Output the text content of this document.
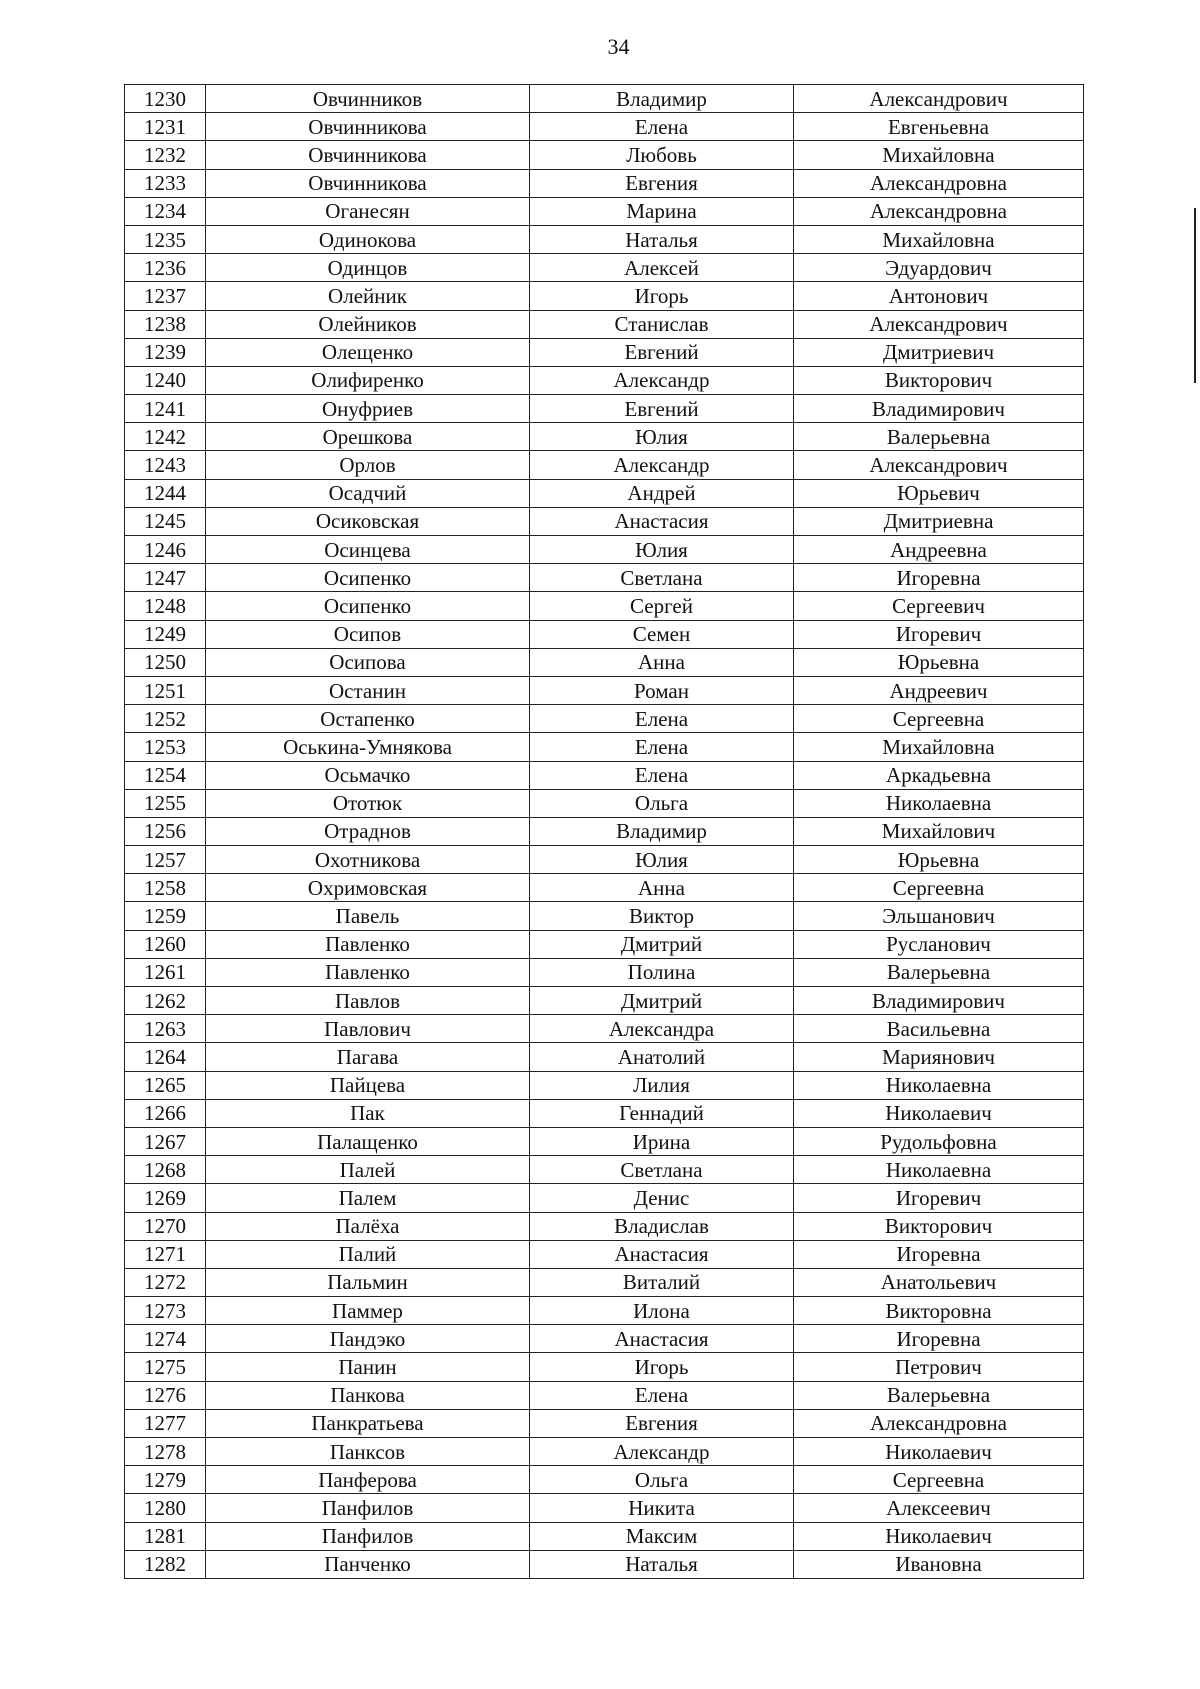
34
1230	Овчинников	Владимир	Александрович
1231	Овчинникова	Елена	Евгеньевна
1232	Овчинникова	Любовь	Михайловна
1233	Овчинникова	Евгения	Александровна
1234	Оганесян	Марина	Александровна
1235	Одинокова	Наталья	Михайловна
1236	Одинцов	Алексей	Эдуардович
1237	Олейник	Игорь	Антонович
1238	Олейников	Станислав	Александрович
1239	Олещенко	Евгений	Дмитриевич
1240	Олифиренко	Александр	Викторович
1241	Онуфриев	Евгений	Владимирович
1242	Орешкова	Юлия	Валерьевна
1243	Орлов	Александр	Александрович
1244	Осадчий	Андрей	Юрьевич
1245	Осиковская	Анастасия	Дмитриевна
1246	Осинцева	Юлия	Андреевна
1247	Осипенко	Светлана	Игоревна
1248	Осипенко	Сергей	Сергеевич
1249	Осипов	Семен	Игоревич
1250	Осипова	Анна	Юрьевна
1251	Останин	Роман	Андреевич
1252	Остапенко	Елена	Сергеевна
1253	Оськина-Умнякова	Елена	Михайловна
1254	Осьмачко	Елена	Аркадьевна
1255	Ототюк	Ольга	Николаевна
1256	Отраднов	Владимир	Михайлович
1257	Охотникова	Юлия	Юрьевна
1258	Охримовская	Анна	Сергеевна
1259	Павель	Виктор	Эльшанович
1260	Павленко	Дмитрий	Русланович
1261	Павленко	Полина	Валерьевна
1262	Павлов	Дмитрий	Владимирович
1263	Павлович	Александра	Васильевна
1264	Пагава	Анатолий	Мариянович
1265	Пайцева	Лилия	Николаевна
1266	Пак	Геннадий	Николаевич
1267	Палащенко	Ирина	Рудольфовна
1268	Палей	Светлана	Николаевна
1269	Палем	Денис	Игоревич
1270	Палёха	Владислав	Викторович
1271	Палий	Анастасия	Игоревна
1272	Пальмин	Виталий	Анатольевич
1273	Паммер	Илона	Викторовна
1274	Пандэко	Анастасия	Игоревна
1275	Панин	Игорь	Петрович
1276	Панкова	Елена	Валерьевна
1277	Панкратьева	Евгения	Александровна
1278	Панксов	Александр	Николаевич
1279	Панферова	Ольга	Сергеевна
1280	Панфилов	Никита	Алексеевич
1281	Панфилов	Максим	Николаевич
1282	Панченко	Наталья	Ивановна
